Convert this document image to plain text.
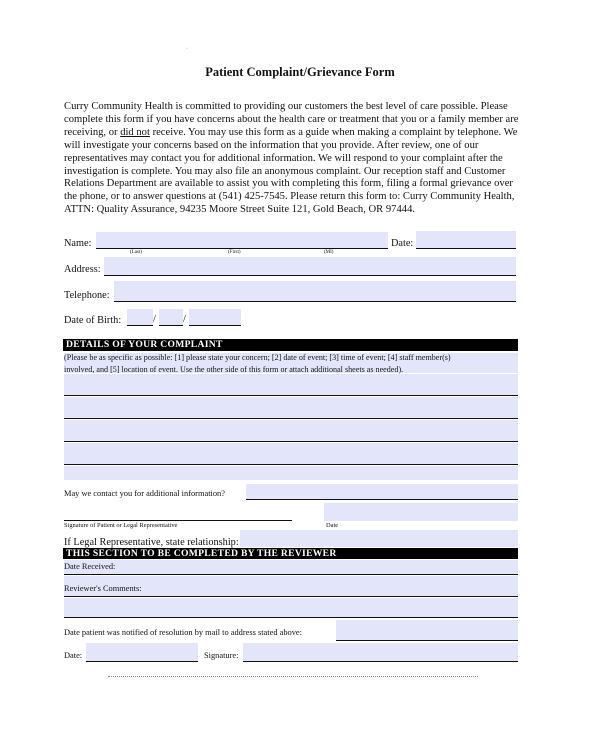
·
Patient Complaint/Grievance Form
Curry Community Health is committed to providing our customers the best level of care possible. Please complete this form if you have concerns about the health care or treatment that you or a family member are receiving, or did not receive. You may use this form as a guide when making a complaint by telephone. We will investigate your concerns based on the information that you provide. After review, one of our representatives may contact you for additional information. We will respond to your complaint after the investigation is complete. You may also file an anonymous complaint. Our reception staff and Customer Relations Department are available to assist you with completing this form, filing a formal grievance over the phone, or to answer questions at (541) 425-7545. Please return this form to: Curry Community Health, ATTN: Quality Assurance, 94235 Moore Street Suite 121, Gold Beach, OR 97444.
Name:
(Last)	(First)	(MI)
Date:
Address:
Telephone:
Date of Birth:	/	/
DETAILS OF YOUR COMPLAINT
(Please be as specific as possible: [1] please state your concern; [2] date of event; [3] time of event; [4] staff member(s)
involved, and [5] location of event. Use the other side of this form or attach additional sheets as needed).
May we contact you for additional information?
Signature of Patient or Legal Representative	Date
If Legal Representative, state relationship:
THIS SECTION TO BE COMPLETED BY THE REVIEWER
Date Received:
Reviewer's Comments:
Date patient was notified of resolution by mail to address stated above:
Date:	Signature:
